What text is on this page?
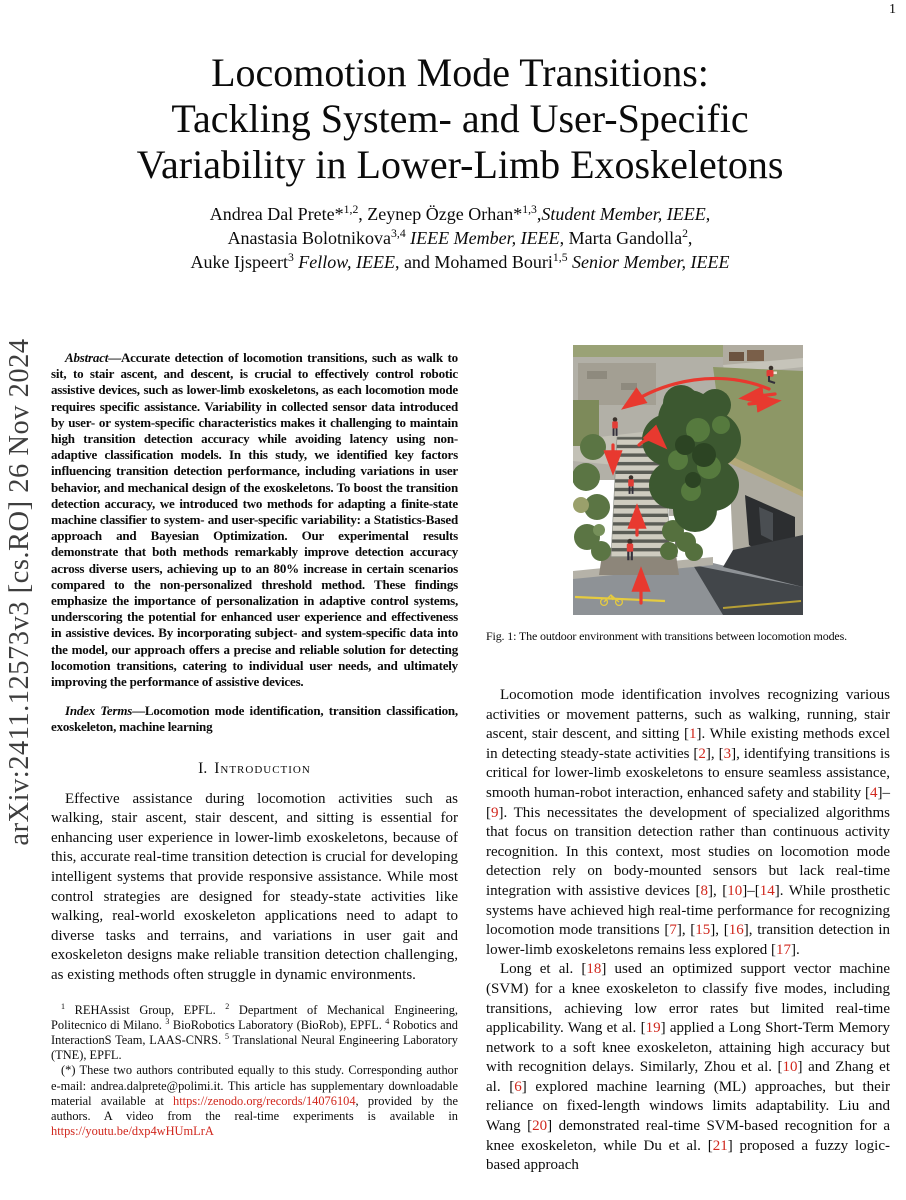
1
arXiv:2411.12573v3 [cs.RO] 26 Nov 2024
Locomotion Mode Transitions:
Tackling System- and User-Specific
Variability in Lower-Limb Exoskeletons
Andrea Dal Prete*$^{1,2}$, Zeynep Özge Orhan*$^{1,3}$,Student Member, IEEE,
Anastasia Bolotnikova$^{3,4}$ IEEE Member, IEEE, Marta Gandolla$^2$,
Auke Ijspeert$^3$ Fellow, IEEE, and Mohamed Bouri$^{1,5}$ Senior Member, IEEE

Abstract—Accurate detection of locomotion transitions, such as walk to sit, to stair ascent, and descent, is crucial to effectively control robotic assistive devices, such as lower-limb exoskeletons, as each locomotion mode requires specific assistance. Variability in collected sensor data introduced by user- or system-specific characteristics makes it challenging to maintain high transition detection accuracy while avoiding latency using non-adaptive classification models. In this study, we identified key factors influencing transition detection performance, including variations in user behavior, and mechanical design of the exoskeletons. To boost the transition detection accuracy, we introduced two methods for adapting a finite-state machine classifier to system- and user-specific variability: a Statistics-Based approach and Bayesian Optimization. Our experimental results demonstrate that both methods remarkably improve detection accuracy across diverse users, achieving up to an 80% increase in certain scenarios compared to the non-personalized threshold method. These findings emphasize the importance of personalization in adaptive control systems, underscoring the potential for enhanced user experience and effectiveness in assistive devices. By incorporating subject- and system-specific data into the model, our approach offers a precise and reliable solution for detecting locomotion transitions, catering to individual user needs, and ultimately improving the performance of assistive devices.

Index Terms—Locomotion mode identification, transition classification, exoskeleton, machine learning

I. Introduction

Effective assistance during locomotion activities such as walking, stair ascent, stair descent, and sitting is essential for enhancing user experience in lower-limb exoskeletons, because of this, accurate real-time transition detection is crucial for developing intelligent systems that provide responsive assistance. While most control strategies are designed for steady-state activities like walking, real-world exoskeleton applications need to adapt to diverse tasks and terrains, and variations in user gait and exoskeleton designs make reliable transition detection challenging, as existing methods often struggle in dynamic environments.

$^1$ REHAssist Group, EPFL. $^2$ Department of Mechanical Engineering, Politecnico di Milano. $^3$ BioRobotics Laboratory (BioRob), EPFL. $^4$ Robotics and InteractionS Team, LAAS-CNRS. $^5$ Translational Neural Engineering Laboratory (TNE), EPFL.

(*) These two authors contributed equally to this study. Corresponding author e-mail: andrea.dalprete@polimi.it. This article has supplementary downloadable material available at https://zenodo.org/records/14076104, provided by the authors. A video from the real-time experiments is available in https://youtu.be/dxp4wHUmLrA

Fig. 1: The outdoor environment with transitions between locomotion modes.

Locomotion mode identification involves recognizing various activities or movement patterns, such as walking, running, stair ascent, stair descent, and sitting [1]. While existing methods excel in detecting steady-state activities [2], [3], identifying transitions is critical for lower-limb exoskeletons to ensure seamless assistance, smooth human-robot interaction, enhanced safety and stability [4]–[9]. This necessitates the development of specialized algorithms that focus on transition detection rather than continuous activity recognition. In this context, most studies on locomotion mode detection rely on body-mounted sensors but lack real-time integration with assistive devices [8], [10]–[14]. While prosthetic systems have achieved high real-time performance for recognizing locomotion mode transitions [7], [15], [16], transition detection in lower-limb exoskeletons remains less explored [17].

Long et al. [18] used an optimized support vector machine (SVM) for a knee exoskeleton to classify five modes, including transitions, achieving low error rates but limited real-time applicability. Wang et al. [19] applied a Long Short-Term Memory network to a soft knee exoskeleton, attaining high accuracy but with recognition delays. Similarly, Zhou et al. [10] and Zhang et al. [6] explored machine learning (ML) approaches, but their reliance on fixed-length windows limits adaptability. Liu and Wang [20] demonstrated real-time SVM-based recognition for a knee exoskeleton, while Du et al. [21] proposed a fuzzy logic-based approach
